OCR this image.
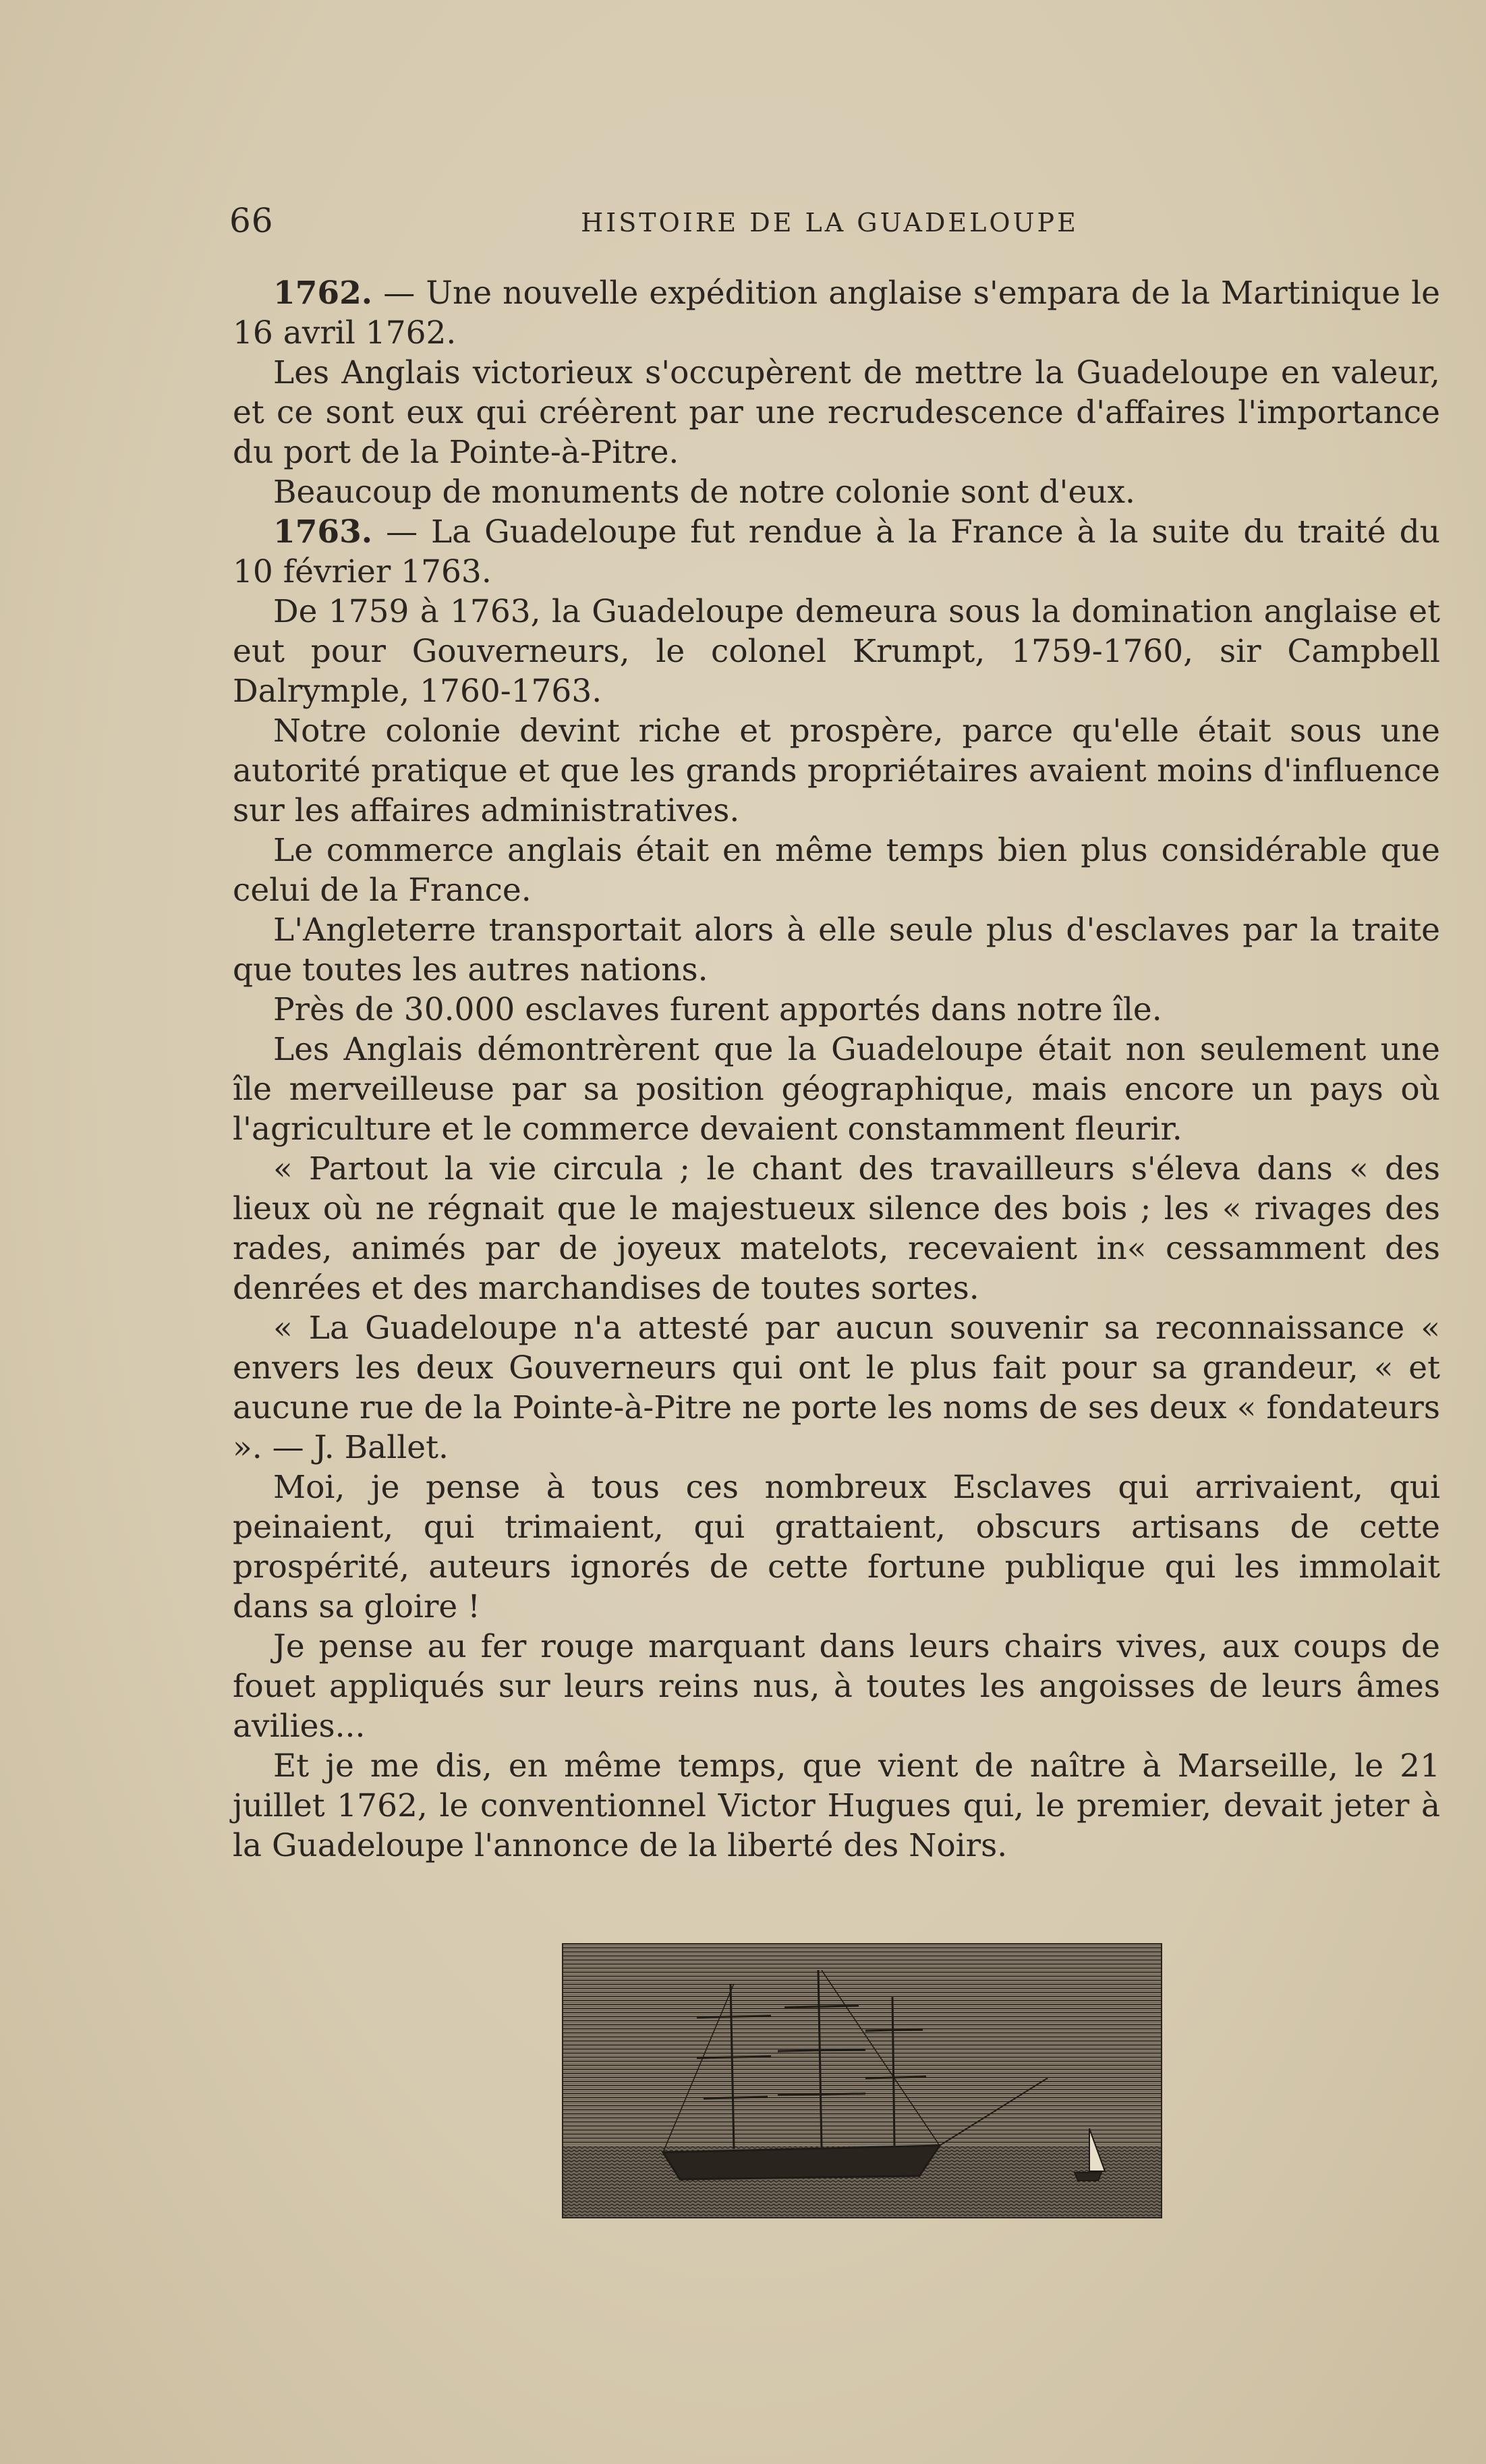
66	HISTOIRE DE LA GUADELOUPE

1762. — Une nouvelle expédition anglaise s'empara de la Martinique le 16 avril 1762.

Les Anglais victorieux s'occupèrent de mettre la Guadeloupe en valeur, et ce sont eux qui créèrent par une recrudescence d'affaires l'importance du port de la Pointe-à-Pitre.

Beaucoup de monuments de notre colonie sont d'eux.

1763. — La Guadeloupe fut rendue à la France à la suite du traité du 10 février 1763.

De 1759 à 1763, la Guadeloupe demeura sous la domination anglaise et eut pour Gouverneurs, le colonel Krumpt, 1759-1760, sir Campbell Dalrymple, 1760-1763.

Notre colonie devint riche et prospère, parce qu'elle était sous une autorité pratique et que les grands propriétaires avaient moins d'influence sur les affaires administratives.

Le commerce anglais était en même temps bien plus considérable que celui de la France.

L'Angleterre transportait alors à elle seule plus d'esclaves par la traite que toutes les autres nations.

Près de 30.000 esclaves furent apportés dans notre île.

Les Anglais démontrèrent que la Guadeloupe était non seulement une île merveilleuse par sa position géographique, mais encore un pays où l'agriculture et le commerce devaient constamment fleurir.

« Partout la vie circula ; le chant des travailleurs s'éleva dans « des lieux où ne régnait que le majestueux silence des bois ; les « rivages des rades, animés par de joyeux matelots, recevaient in« cessamment des denrées et des marchandises de toutes sortes.

« La Guadeloupe n'a attesté par aucun souvenir sa reconnaissance « envers les deux Gouverneurs qui ont le plus fait pour sa grandeur, « et aucune rue de la Pointe-à-Pitre ne porte les noms de ses deux « fondateurs ». — J. Ballet.

Moi, je pense à tous ces nombreux Esclaves qui arrivaient, qui peinaient, qui trimaient, qui grattaient, obscurs artisans de cette prospérité, auteurs ignorés de cette fortune publique qui les immolait dans sa gloire !

Je pense au fer rouge marquant dans leurs chairs vives, aux coups de fouet appliqués sur leurs reins nus, à toutes les angoisses de leurs âmes avilies...

Et je me dis, en même temps, que vient de naître à Marseille, le 21 juillet 1762, le conventionnel Victor Hugues qui, le premier, devait jeter à la Guadeloupe l'annonce de la liberté des Noirs.
